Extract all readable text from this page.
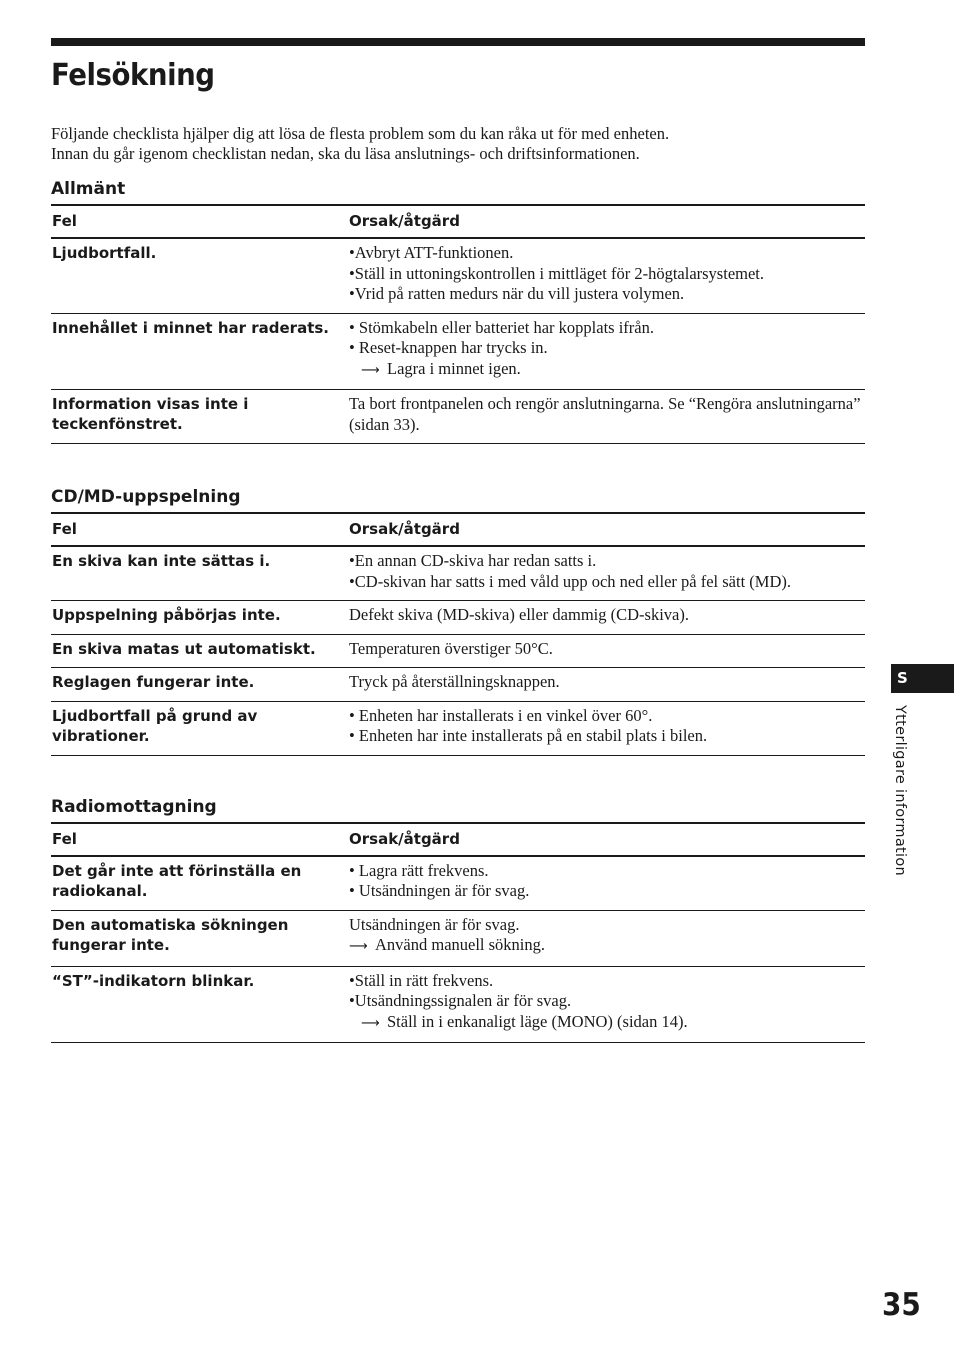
Felsökning

Följande checklista hjälper dig att lösa de flesta problem som du kan råka ut för med enheten.

Innan du går igenom checklistan nedan, ska du läsa anslutnings- och driftsinformationen.

Allmänt
Fel	Orsak/åtgärd
Ljudbortfall.	•Avbryt ATT-funktionen.
•Ställ in uttoningskontrollen i mittläget för 2-högtalarsystemet.
•Vrid på ratten medurs när du vill justera volymen.

Innehållet i minnet har raderats.	• Stömkabeln eller batteriet har kopplats ifrån.
• Reset-knappen har trycks in.
⟶ Lagra i minnet igen.

Information visas inte i teckenfönstret.	Ta bort frontpanelen och rengör anslutningarna. Se “Rengöra anslutningarna” (sidan 33).
CD/MD-uppspelning
Fel	Orsak/åtgärd
En skiva kan inte sättas i.	•En annan CD-skiva har redan satts i.
•CD-skivan har satts i med våld upp och ned eller på fel sätt (MD).

Uppspelning påbörjas inte.	Defekt skiva (MD-skiva) eller dammig (CD-skiva).

En skiva matas ut automatiskt.	Temperaturen överstiger 50°C.

Reglagen fungerar inte.	Tryck på återställningsknappen.

Ljudbortfall på grund av vibrationer.	• Enheten har installerats i en vinkel över 60°.
• Enheten har inte installerats på en stabil plats i bilen.
Radiomottagning
Fel	Orsak/åtgärd
Det går inte att förinställa en radiokanal.	• Lagra rätt frekvens.
• Utsändningen är för svag.

Den automatiska sökningen fungerar inte.	Utsändningen är för svag.
⟶ Använd manuell sökning.

“ST”-indikatorn blinkar.	•Ställ in rätt frekvens.
•Utsändningssignalen är för svag.
⟶ Ställ in i enkanaligt läge (MONO) (sidan 14).
S
Ytterligare information
35
